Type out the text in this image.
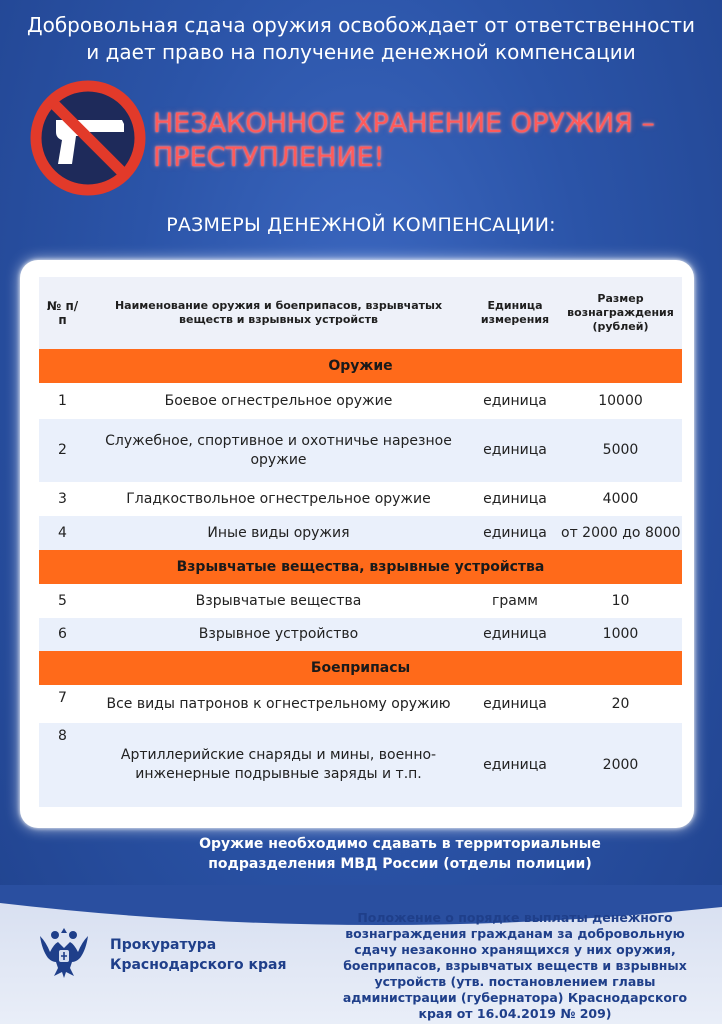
Добровольная сдача оружия освобождает от ответственности
и дает право на получение денежной компенсации
НЕЗАКОННОЕ ХРАНЕНИЕ ОРУЖИЯ –
ПРЕСТУПЛЕНИЕ!
РАЗМЕРЫ ДЕНЕЖНОЙ КОМПЕНСАЦИИ:
№ п/п	Наименование оружия и боеприпасов, взрывчатых веществ и взрывных устройств	Единица измерения	Размер вознаграждения (рублей)
Оружие			
1	Боевое огнестрельное оружие	единица	10000
2	Служебное, спортивное и охотничье нарезное оружие	единица	5000
3	Гладкоствольное огнестрельное оружие	единица	4000
4	Иные виды оружия	единица	от 2000 до 8000
Взрывчатые вещества, взрывные устройства			
5	Взрывчатые вещества	грамм	10
6	Взрывное устройство	единица	1000
Боеприпасы			
7	Все виды патронов к огнестрельному оружию	единица	20
8	Артиллерийские снаряды и мины, военно-инженерные подрывные заряды и т.п.	единица	2000
Оружие необходимо сдавать в территориальные
подразделения МВД России (отделы полиции)
Прокуратура
Краснодарского края
Положение о порядке выплаты денежного вознаграждения гражданам за добровольную сдачу незаконно хранящихся у них оружия, боеприпасов, взрывчатых веществ и взрывных устройств (утв. постановлением главы администрации (губернатора) Краснодарского края от 16.04.2019 № 209)
